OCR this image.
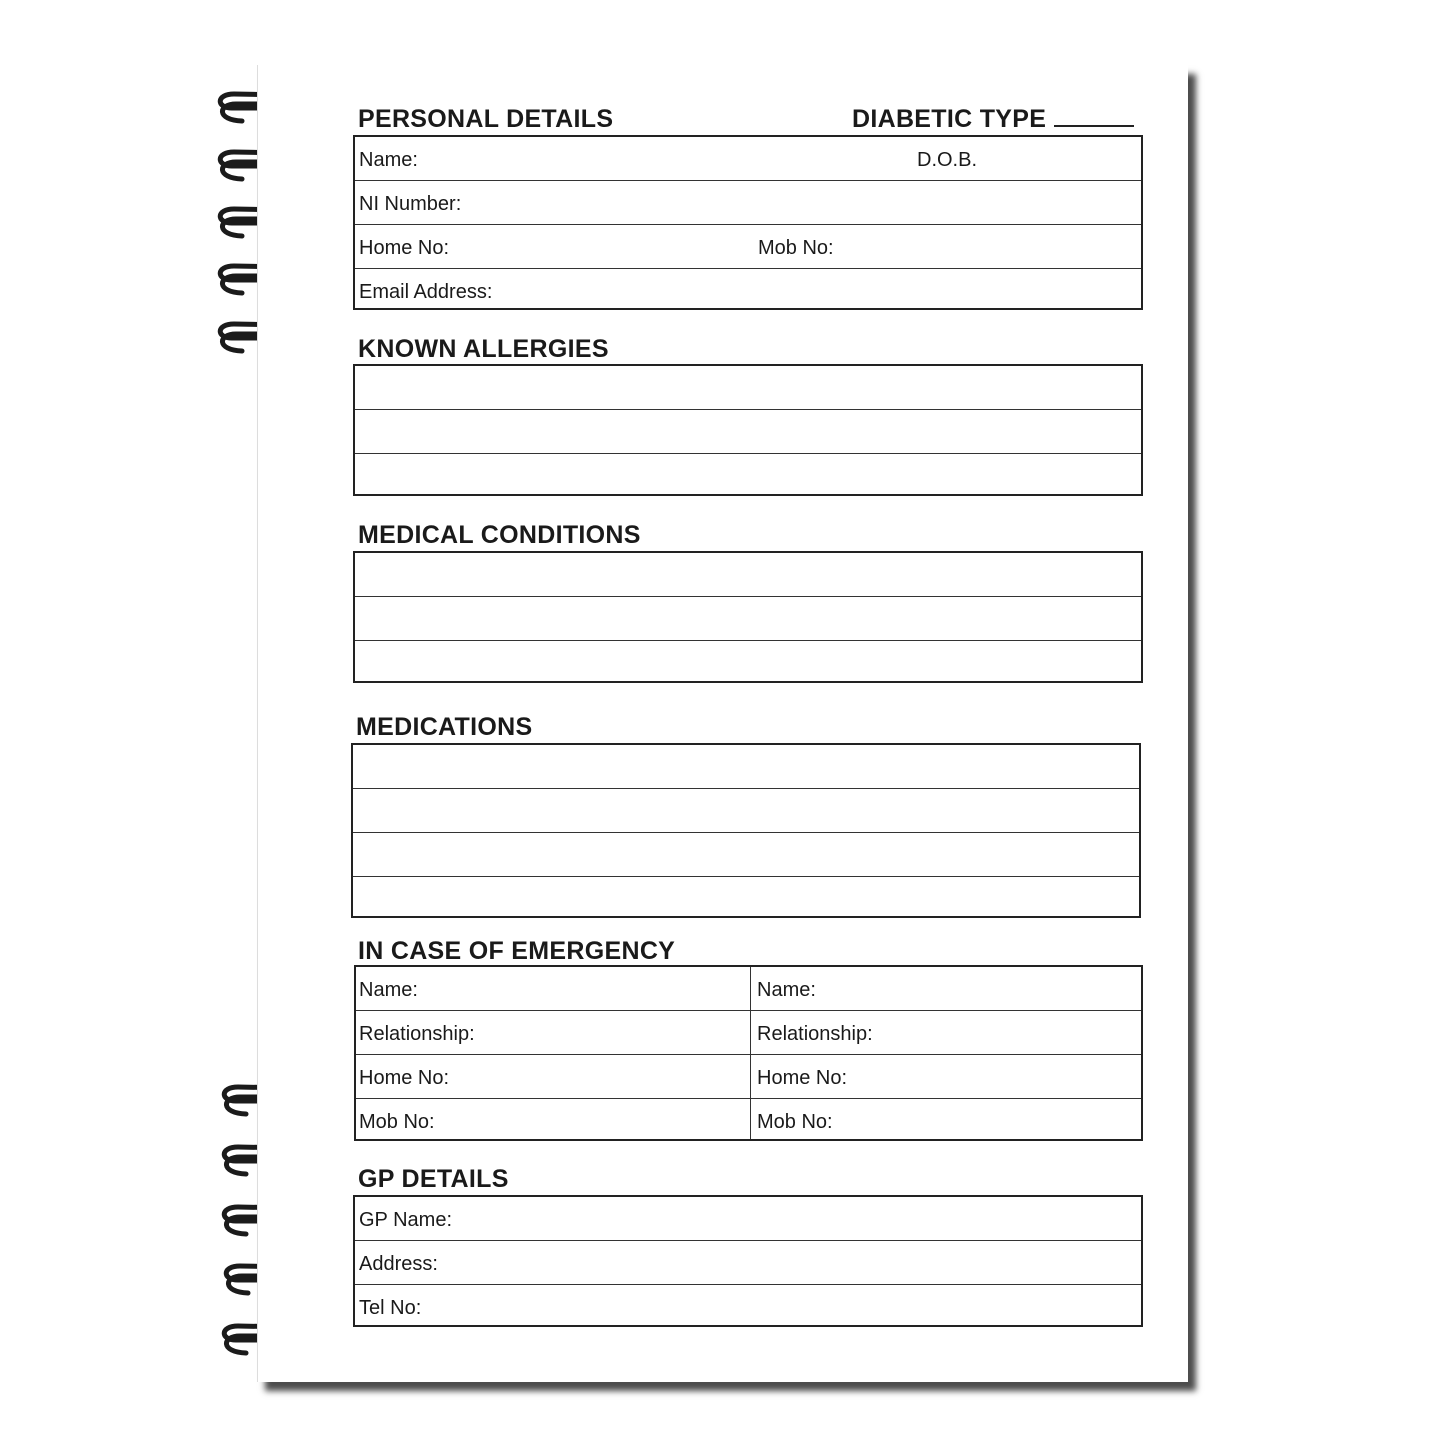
PERSONAL DETAILS	DIABETIC TYPE
Name:	D.O.B.
NI Number:
Home No:	Mob No:
Email Address:
KNOWN ALLERGIES
MEDICAL CONDITIONS
MEDICATIONS
IN CASE OF EMERGENCY
Name:	Name:
Relationship:	Relationship:
Home No:	Home No:
Mob No:	Mob No:
GP DETAILS
GP Name:
Address:
Tel No:
